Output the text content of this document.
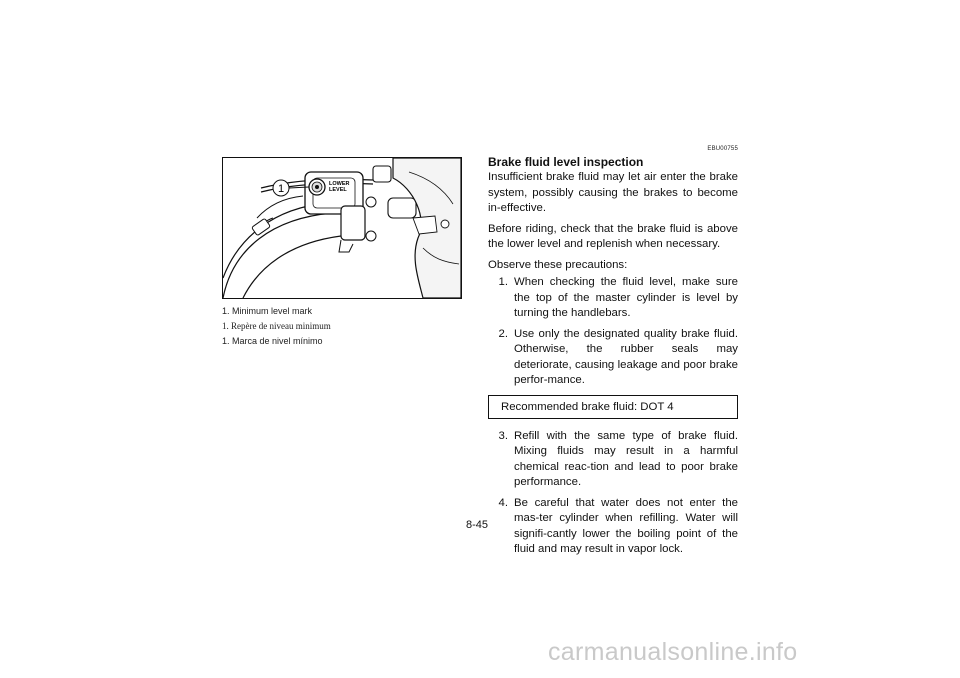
1	LOWER
LEVEL
1. Minimum level mark
1. Repère de niveau minimum
1. Marca de nivel mínimo
EBU00755
Brake fluid level inspection

Insufficient brake fluid may let air enter the brake system, possibly causing the brakes to become in-effective.

Before riding, check that the brake fluid is above the lower level and replenish when necessary.

Observe these precautions:

1. When checking the fluid level, make sure the top of the master cylinder is level by turning the handlebars.
2. Use only the designated quality brake fluid. Otherwise, the rubber seals may deteriorate, causing leakage and poor brake perfor-mance.
Recommended brake fluid: DOT 4
3. Refill with the same type of brake fluid. Mixing fluids may result in a harmful chemical reac-tion and lead to poor brake performance.
4. Be careful that water does not enter the mas-ter cylinder when refilling. Water will signifi-cantly lower the boiling point of the fluid and may result in vapor lock.
8-45
carmanualsonline.info
